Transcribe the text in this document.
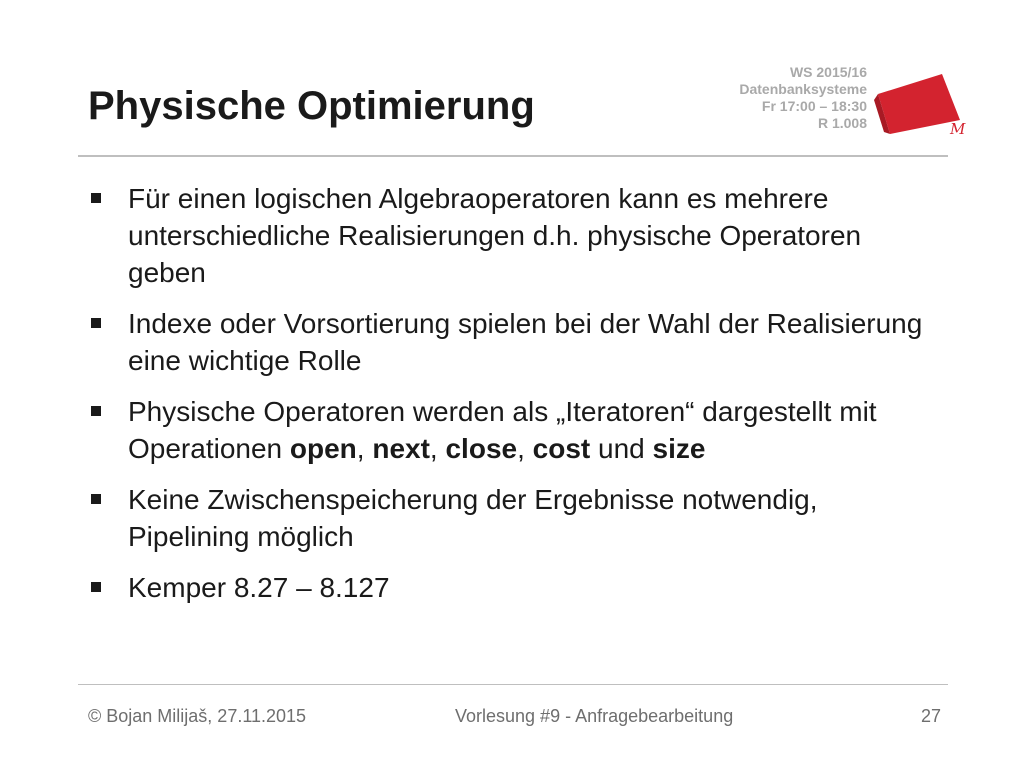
Physische Optimierung
WS 2015/16
Datenbanksysteme
Fr 17:00 – 18:30
R 1.008	M
Für einen logischen Algebraoperatoren kann es mehrere unterschiedliche Realisierungen d.h. physische Operatoren geben
Indexe oder Vorsortierung spielen bei der Wahl der Realisierung eine wichtige Rolle
Physische Operatoren werden als „Iteratoren“ dargestellt mit Operationen open, next, close, cost und size
Keine Zwischenspeicherung der Ergebnisse notwendig, Pipelining möglich
Kemper 8.27 – 8.127
© Bojan Milijaš, 27.11.2015	Vorlesung #9 - Anfragebearbeitung	27
